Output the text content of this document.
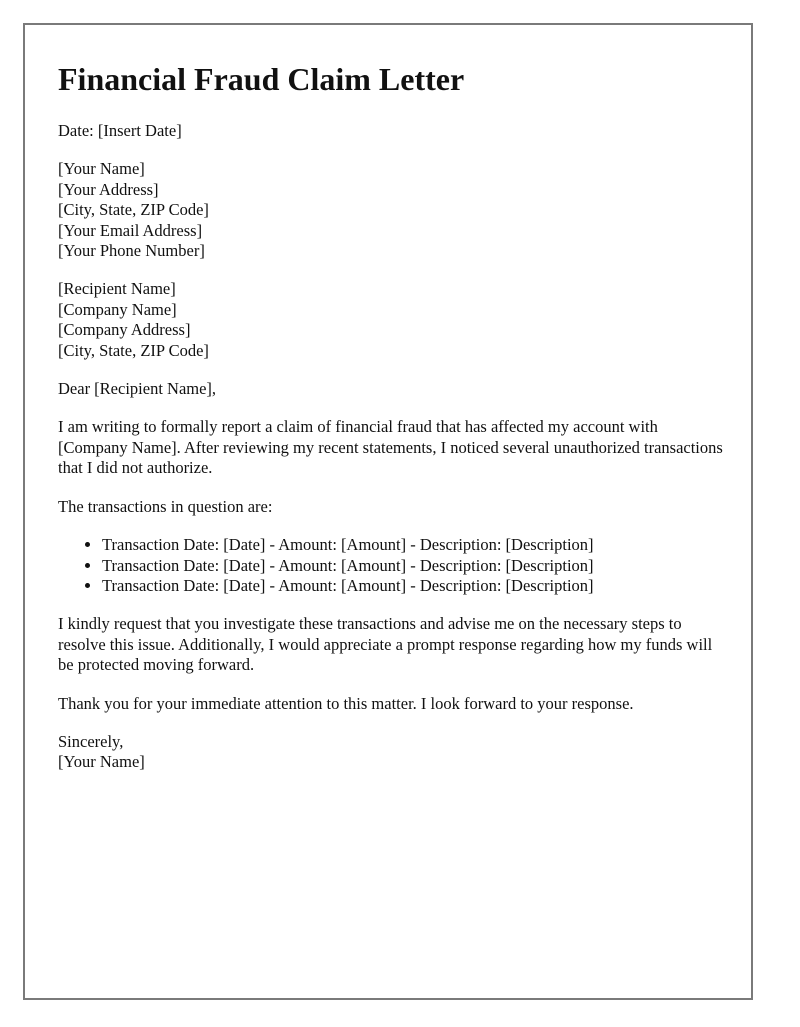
Financial Fraud Claim Letter

Date: [Insert Date]

[Your Name]
[Your Address]
[City, State, ZIP Code]
[Your Email Address]
[Your Phone Number]

[Recipient Name]
[Company Name]
[Company Address]
[City, State, ZIP Code]

Dear [Recipient Name],

I am writing to formally report a claim of financial fraud that has affected my account with [Company Name]. After reviewing my recent statements, I noticed several unauthorized transactions that I did not authorize.

The transactions in question are:

• Transaction Date: [Date] - Amount: [Amount] - Description: [Description]
• Transaction Date: [Date] - Amount: [Amount] - Description: [Description]
• Transaction Date: [Date] - Amount: [Amount] - Description: [Description]

I kindly request that you investigate these transactions and advise me on the necessary steps to resolve this issue. Additionally, I would appreciate a prompt response regarding how my funds will be protected moving forward.

Thank you for your immediate attention to this matter. I look forward to your response.

Sincerely,
[Your Name]
